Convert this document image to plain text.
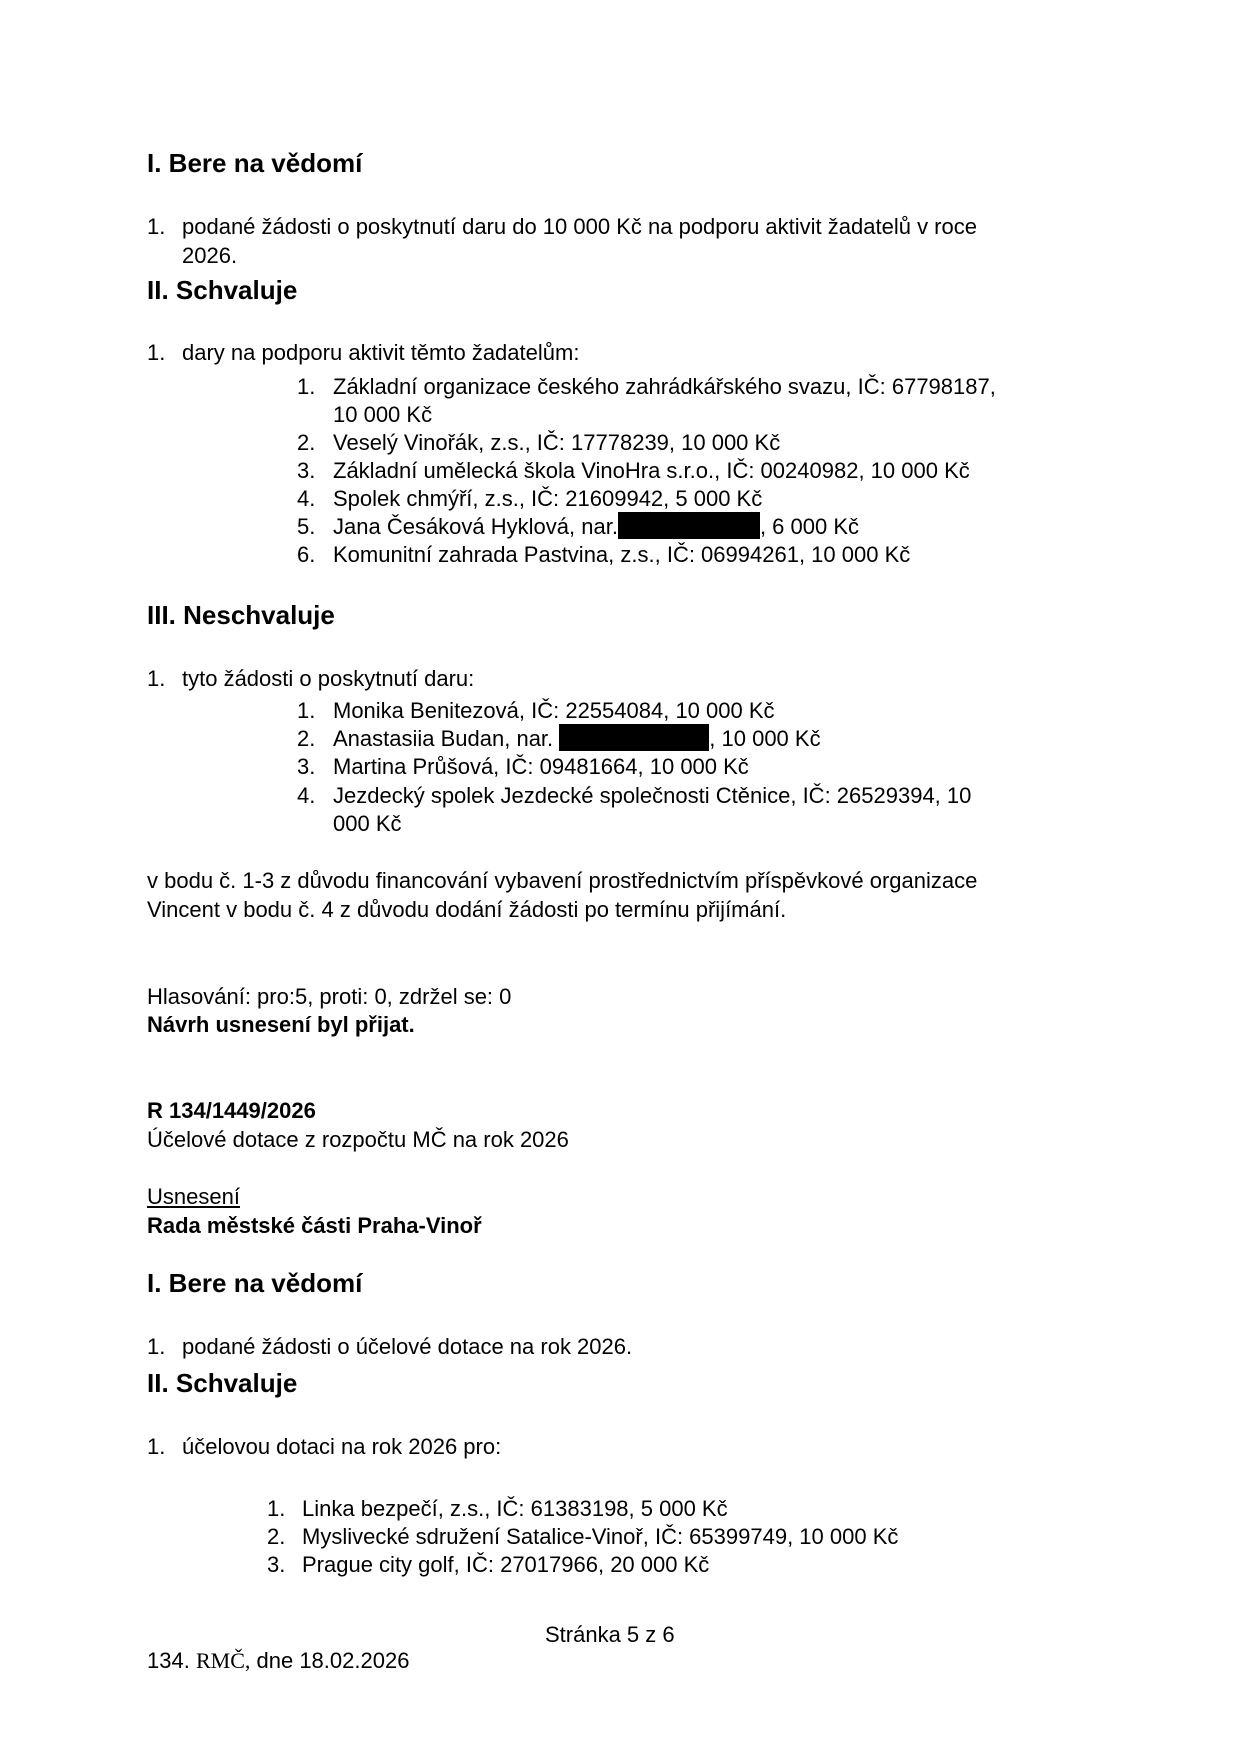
I. Bere na vědomí
1. podané žádosti o poskytnutí daru do 10 000 Kč na podporu aktivit žadatelů v roce
2026.
II. Schvaluje
1. dary na podporu aktivit těmto žadatelům:
1. Základní organizace českého zahrádkářského svazu, IČ: 67798187,
10 000 Kč
2. Veselý Vinořák, z.s., IČ: 17778239, 10 000 Kč
3. Základní umělecká škola VinoHra s.r.o., IČ: 00240982, 10 000 Kč
4. Spolek chmýří, z.s., IČ: 21609942, 5 000 Kč
5. Jana Česáková Hyklová, nar.	, 6 000 Kč
6. Komunitní zahrada Pastvina, z.s., IČ: 06994261, 10 000 Kč
III. Neschvaluje
1. tyto žádosti o poskytnutí daru:
1. Monika Benitezová, IČ: 22554084, 10 000 Kč
2. Anastasiia Budan, nar.	, 10 000 Kč
3. Martina Průšová, IČ: 09481664, 10 000 Kč
4. Jezdecký spolek Jezdecké společnosti Ctěnice, IČ: 26529394, 10
000 Kč
v bodu č. 1-3 z důvodu financování vybavení prostřednictvím příspěvkové organizace
Vincent v bodu č. 4 z důvodu dodání žádosti po termínu přijímání.
Hlasování: pro:5, proti: 0, zdržel se: 0
Návrh usnesení byl přijat.
R 134/1449/2026
Účelové dotace z rozpočtu MČ na rok 2026
Usnesení
Rada městské části Praha-Vinoř
I. Bere na vědomí
1. podané žádosti o účelové dotace na rok 2026.
II. Schvaluje
1. účelovou dotaci na rok 2026 pro:
1. Linka bezpečí, z.s., IČ: 61383198, 5 000 Kč
2. Myslivecké sdružení Satalice-Vinoř, IČ: 65399749, 10 000 Kč
3. Prague city golf, IČ: 27017966, 20 000 Kč
Stránka 5 z 6
134. RMČ, dne 18.02.2026
